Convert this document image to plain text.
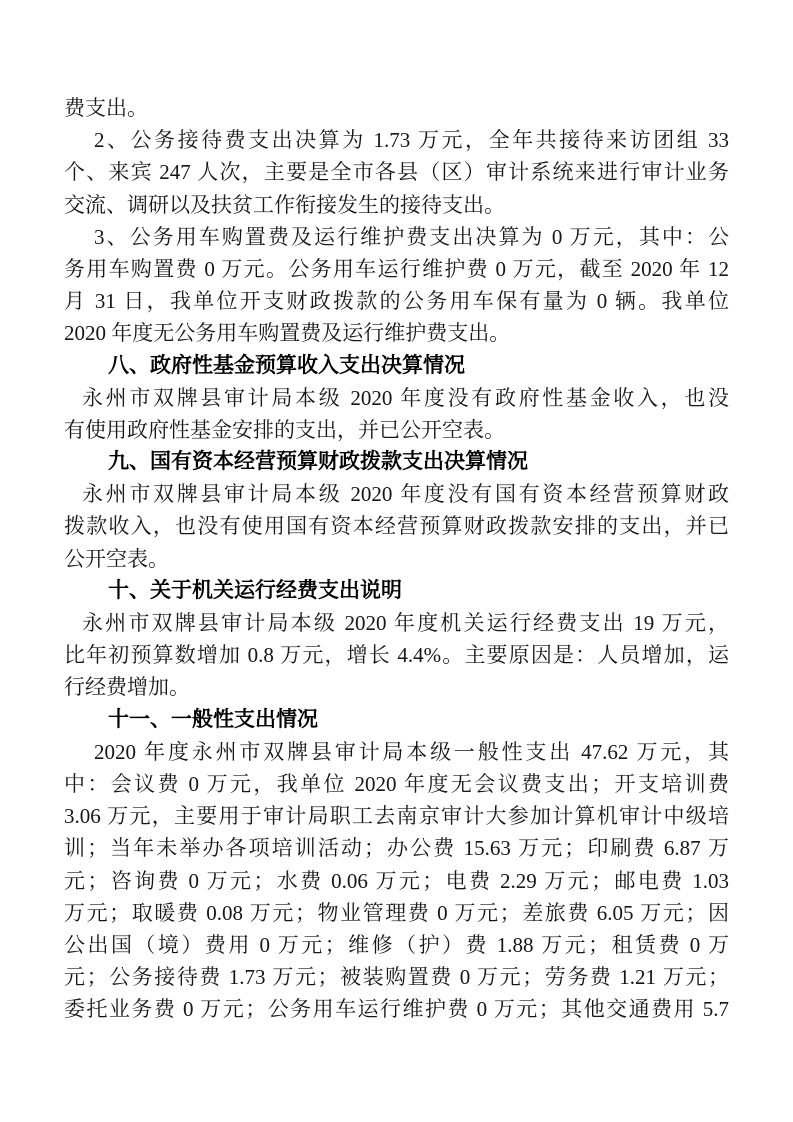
费支出。
2、公务接待费支出决算为 1.73 万元，全年共接待来访团组 33
个、来宾 247 人次，主要是全市各县（区）审计系统来进行审计业务
交流、调研以及扶贫工作衔接发生的接待支出。
3、公务用车购置费及运行维护费支出决算为 0 万元，其中：公
务用车购置费 0 万元。公务用车运行维护费 0 万元，截至 2020 年 12
月 31 日，我单位开支财政拨款的公务用车保有量为 0 辆。我单位
2020 年度无公务用车购置费及运行维护费支出。
八、政府性基金预算收入支出决算情况
永州市双牌县审计局本级 2020 年度没有政府性基金收入，也没
有使用政府性基金安排的支出，并已公开空表。
九、国有资本经营预算财政拨款支出决算情况
永州市双牌县审计局本级 2020 年度没有国有资本经营预算财政
拨款收入，也没有使用国有资本经营预算财政拨款安排的支出，并已
公开空表。
十、关于机关运行经费支出说明
永州市双牌县审计局本级 2020 年度机关运行经费支出 19 万元，
比年初预算数增加 0.8 万元，增长 4.4%。主要原因是：人员增加，运
行经费增加。
十一、一般性支出情况
2020 年度永州市双牌县审计局本级一般性支出 47.62 万元，其
中：会议费 0 万元，我单位 2020 年度无会议费支出；开支培训费
3.06 万元，主要用于审计局职工去南京审计大参加计算机审计中级培
训；当年未举办各项培训活动；办公费 15.63 万元；印刷费 6.87 万
元；咨询费 0 万元；水费 0.06 万元；电费 2.29 万元；邮电费 1.03
万元；取暖费 0.08 万元；物业管理费 0 万元；差旅费 6.05 万元；因
公出国（境）费用 0 万元；维修（护）费 1.88 万元；租赁费 0 万
元；公务接待费 1.73 万元；被装购置费 0 万元；劳务费 1.21 万元；
委托业务费 0 万元；公务用车运行维护费 0 万元；其他交通费用 5.7
